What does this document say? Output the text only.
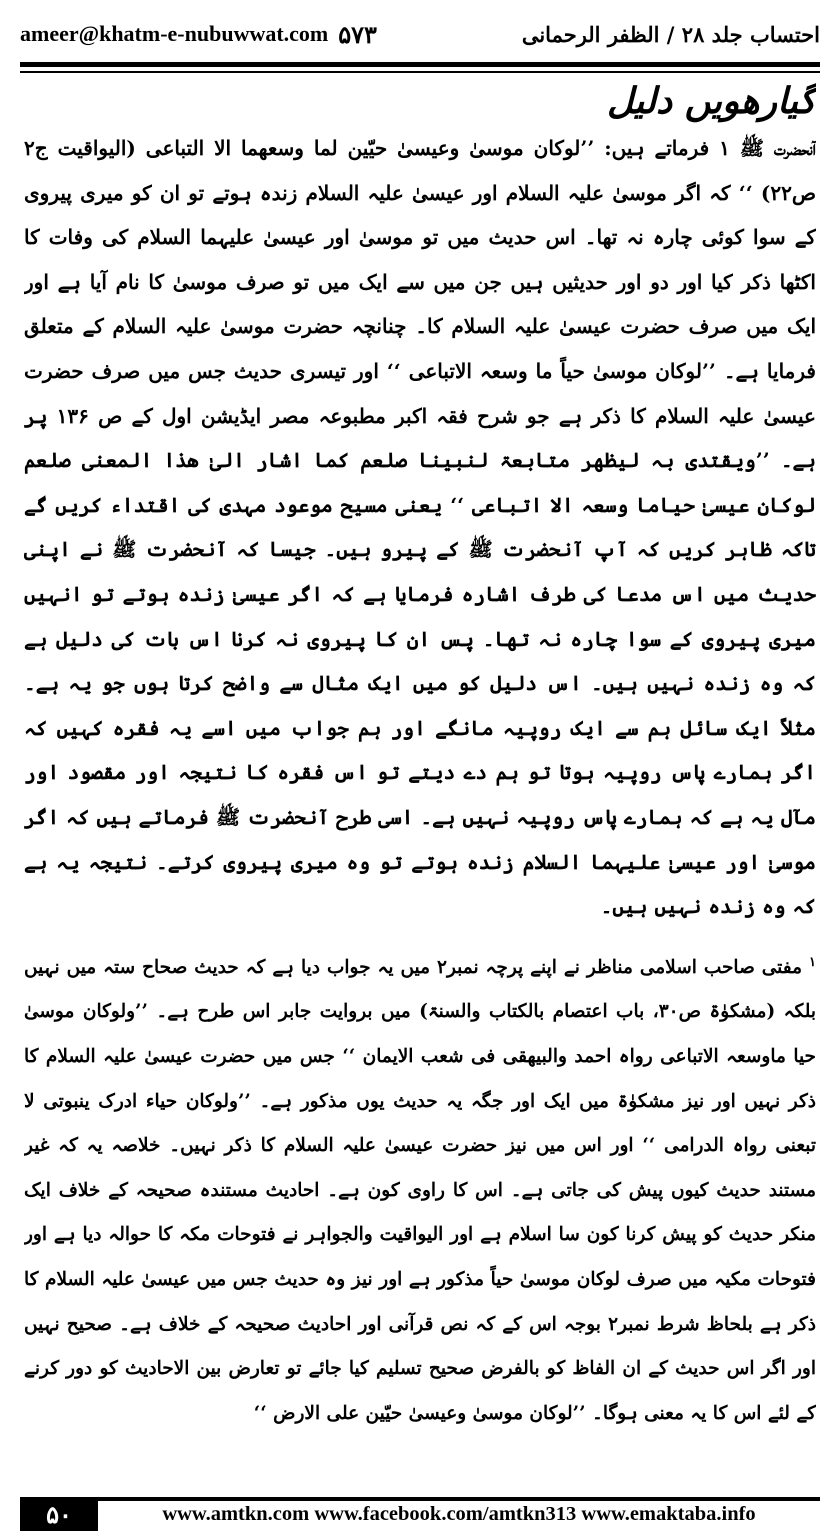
ameer@khatm-e-nubuwwat.com ۵۷۳	احتساب جلد ۲۸ / الظفر الرحمانی
گیارھویں دلیل

آنحضرت ﷺ ۱ فرماتے ہیں: ’’لوکان موسیٰ وعیسیٰ حیّین لما وسعھما الا التباعی (الیواقیت ج۲ ص۲۲) ‘‘ کہ اگر موسیٰ علیہ السلام اور عیسیٰ علیہ السلام زندہ ہوتے تو ان کو میری پیروی کے سوا کوئی چارہ نہ تھا۔ اس حدیث میں تو موسیٰ اور عیسیٰ علیہما السلام کی وفات کا اکٹھا ذکر کیا اور دو اور حدیثیں ہیں جن میں سے ایک میں تو صرف موسیٰ کا نام آیا ہے اور ایک میں صرف حضرت عیسیٰ علیہ السلام کا۔ چنانچہ حضرت موسیٰ علیہ السلام کے متعلق فرمایا ہے۔ ’’لوکان موسیٰ حیاً ما وسعہ الاتباعی ‘‘ اور تیسری حدیث جس میں صرف حضرت عیسیٰ علیہ السلام کا ذکر ہے جو شرح فقہ اکبر مطبوعہ مصر ایڈیشن اول کے ص ۱۳۶ پر ہے۔ ’’ویقتدی بہ لیظھر متابعۃ لنبینا صلعم کما اشار الیٰ ھذا المعنی صلعم لوکان عیسیٰ حیاما وسعہ الا اتباعی ‘‘ یعنی مسیح موعود مہدی کی اقتداء کریں گے تاکہ ظاہر کریں کہ آپ آنحضرت ﷺ کے پیرو ہیں۔ جیسا کہ آنحضرت ﷺ نے اپنی حدیث میں اس مدعا کی طرف اشارہ فرمایا ہے کہ اگر عیسیٰ زندہ ہوتے تو انہیں میری پیروی کے سوا چارہ نہ تھا۔ پس ان کا پیروی نہ کرنا اس بات کی دلیل ہے کہ وہ زندہ نہیں ہیں۔ اس دلیل کو میں ایک مثال سے واضح کرتا ہوں جو یہ ہے۔ مثلاً ایک سائل ہم سے ایک روپیہ مانگے اور ہم جواب میں اسے یہ فقرہ کہیں کہ اگر ہمارے پاس روپیہ ہوتا تو ہم دے دیتے تو اس فقرہ کا نتیجہ اور مقصود اور مآل یہ ہے کہ ہمارے پاس روپیہ نہیں ہے۔ اسی طرح آنحضرت ﷺ فرماتے ہیں کہ اگر موسیٰ اور عیسیٰ علیہما السلام زندہ ہوتے تو وہ میری پیروی کرتے۔ نتیجہ یہ ہے کہ وہ زندہ نہیں ہیں۔

$^۱$ مفتی صاحب اسلامی مناظر نے اپنے پرچہ نمبر۲ میں یہ جواب دیا ہے کہ حدیث صحاح ستہ میں نہیں بلکہ (مشکوٰۃ ص۳۰، باب اعتصام بالکتاب والسنۃ) میں بروایت جابر اس طرح ہے۔ ’’ولوکان موسیٰ حیا ماوسعہ الاتباعی رواہ احمد والبیھقی فی شعب الایمان ‘‘ جس میں حضرت عیسیٰ علیہ السلام کا ذکر نہیں اور نیز مشکوٰۃ میں ایک اور جگہ یہ حدیث یوں مذکور ہے۔ ’’ولوکان حیاء ادرک ینبوتی لا تبعنی رواہ الدرامی ‘‘ اور اس میں نیز حضرت عیسیٰ علیہ السلام کا ذکر نہیں۔ خلاصہ یہ کہ غیر مستند حدیث کیوں پیش کی جاتی ہے۔ اس کا راوی کون ہے۔ احادیث مستندہ صحیحہ کے خلاف ایک منکر حدیث کو پیش کرنا کون سا اسلام ہے اور الیواقیت والجواہر نے فتوحات مکہ کا حوالہ دیا ہے اور فتوحات مکیہ میں صرف لوکان موسیٰ حیاً مذکور ہے اور نیز وہ حدیث جس میں عیسیٰ علیہ السلام کا ذکر ہے بلحاظ شرط نمبر۲ بوجہ اس کے کہ نص قرآنی اور احادیث صحیحہ کے خلاف ہے۔ صحیح نہیں اور اگر اس حدیث کے ان الفاظ کو بالفرض صحیح تسلیم کیا جائے تو تعارض بین الاحادیث کو دور کرنے کے لئے اس کا یہ معنی ہوگا۔ ’’لوکان موسیٰ وعیسیٰ حیّین علی الارض ‘‘

۵۰	www.amtkn.com www.facebook.com/amtkn313 www.emaktaba.info
